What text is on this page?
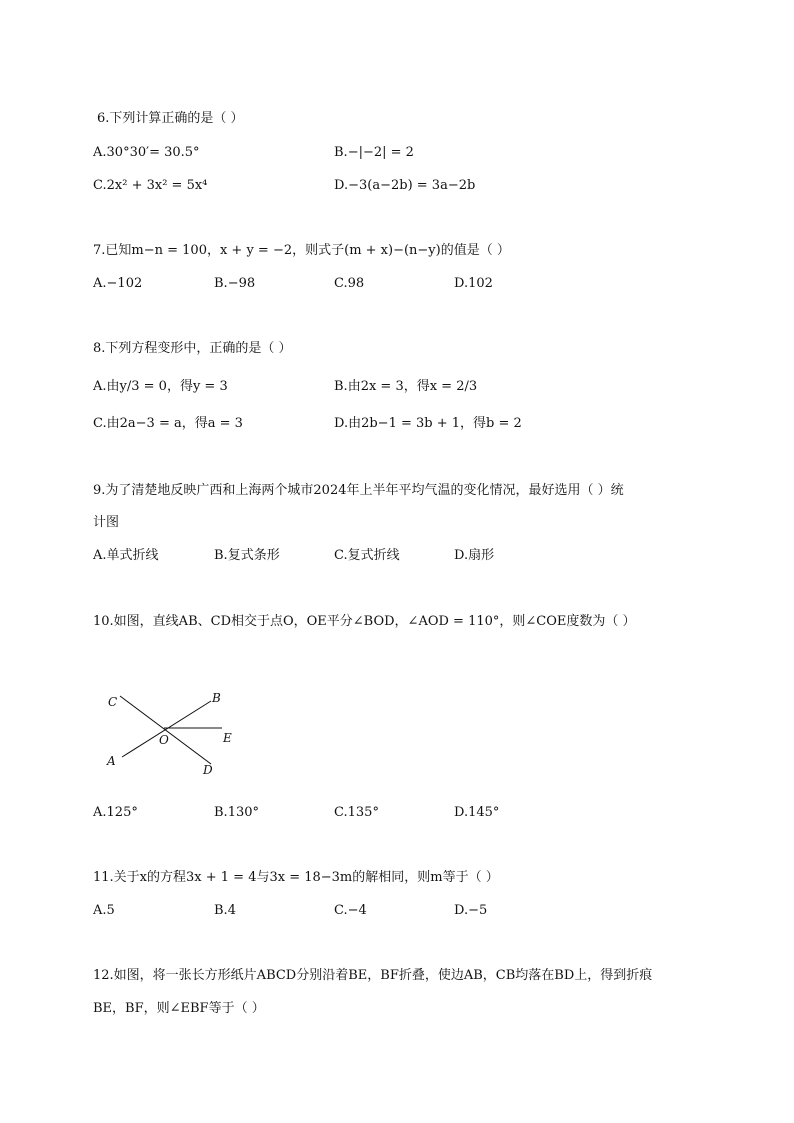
6.下列计算正确的是（ ）
A.30°30′= 30.5°	B.−|−2| = 2
C.2x² + 3x² = 5x⁴	D.−3(a−2b) = 3a−2b
7.已知m−n = 100，x + y = −2，则式子(m + x)−(n−y)的值是（ ）
A.−102	B.−98	C.98	D.102
8.下列方程变形中，正确的是（ ）
A.由y/3 = 0，得y = 3	B.由2x = 3，得x = 2/3
C.由2a−3 = a，得a = 3	D.由2b−1 = 3b + 1，得b = 2
9.为了清楚地反映广西和上海两个城市2024年上半年平均气温的变化情况，最好选用（ ）统
计图
A.单式折线	B.复式条形	C.复式折线	D.扇形
10.如图，直线AB、CD相交于点O，OE平分∠BOD，∠AOD = 110°，则∠COE度数为（ ）
C	B
O	E
A
D
A.125°	B.130°	C.135°	D.145°
11.关于x的方程3x + 1 = 4与3x = 18−3m的解相同，则m等于（ ）
A.5	B.4	C.−4	D.−5
12.如图，将一张长方形纸片ABCD分别沿着BE，BF折叠，使边AB，CB均落在BD上，得到折痕
BE，BF，则∠EBF等于（ ）
